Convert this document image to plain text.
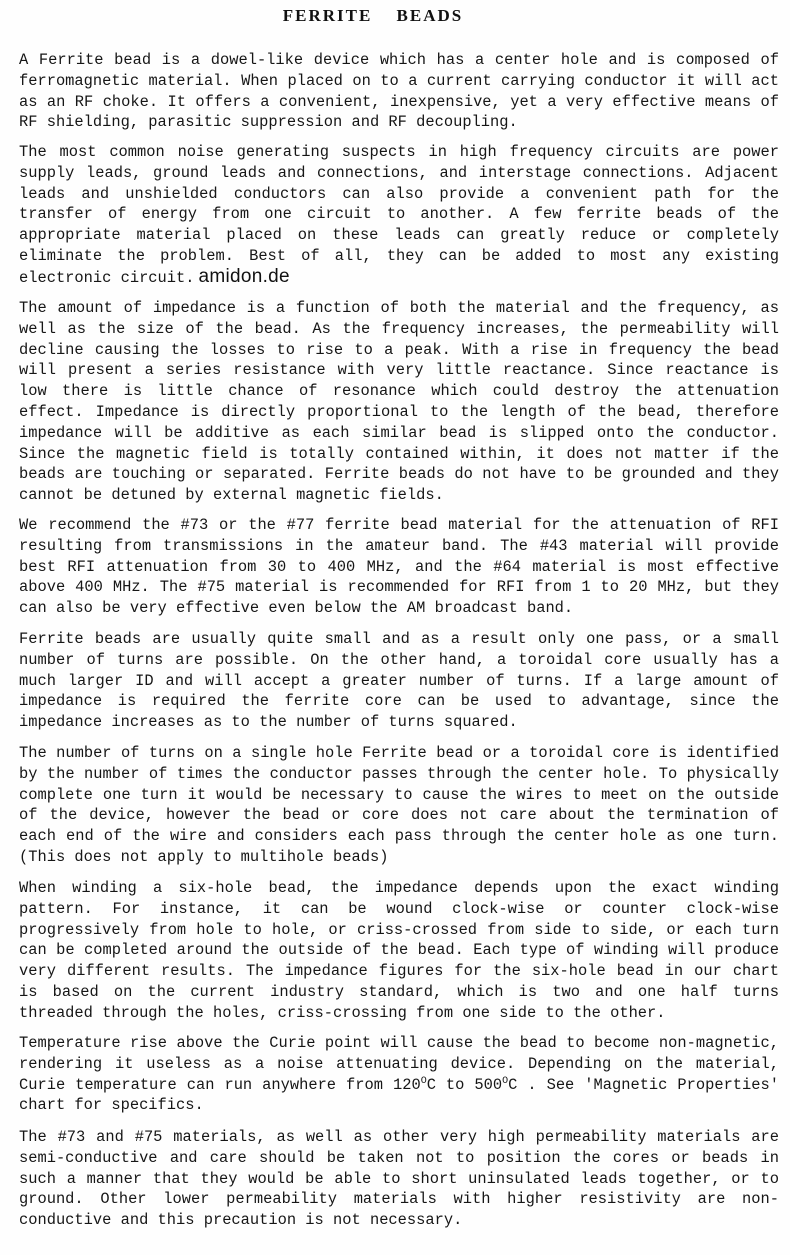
FERRITE BEADS

A Ferrite bead is a dowel-like device which has a center hole and is composed of ferromagnetic material. When placed on to a current carrying conductor it will act as an RF choke. It offers a convenient, inexpensive, yet a very effective means of RF shielding, parasitic suppression and RF decoupling.

The most common noise generating suspects in high frequency circuits are power supply leads, ground leads and connections, and interstage connections. Adjacent leads and unshielded conductors can also provide a convenient path for the transfer of energy from one circuit to another. A few ferrite beads of the appropriate material placed on these leads can greatly reduce or completely eliminate the problem. Best of all, they can be added to most any existing electronic circuit. amidon.de

The amount of impedance is a function of both the material and the frequency, as well as the size of the bead. As the frequency increases, the permeability will decline causing the losses to rise to a peak. With a rise in frequency the bead will present a series resistance with very little reactance. Since reactance is low there is little chance of resonance which could destroy the attenuation effect. Impedance is directly proportional to the length of the bead, therefore impedance will be additive as each similar bead is slipped onto the conductor. Since the magnetic field is totally contained within, it does not matter if the beads are touching or separated. Ferrite beads do not have to be grounded and they cannot be detuned by external magnetic fields.

We recommend the #73 or the #77 ferrite bead material for the attenuation of RFI resulting from transmissions in the amateur band. The #43 material will provide best RFI attenuation from 30 to 400 MHz, and the #64 material is most effective above 400 MHz. The #75 material is recommended for RFI from 1 to 20 MHz, but they can also be very effective even below the AM broadcast band.

Ferrite beads are usually quite small and as a result only one pass, or a small number of turns are possible. On the other hand, a toroidal core usually has a much larger ID and will accept a greater number of turns. If a large amount of impedance is required the ferrite core can be used to advantage, since the impedance increases as to the number of turns squared.

The number of turns on a single hole Ferrite bead or a toroidal core is identified by the number of times the conductor passes through the center hole. To physically complete one turn it would be necessary to cause the wires to meet on the outside of the device, however the bead or core does not care about the termination of each end of the wire and considers each pass through the center hole as one turn. (This does not apply to multihole beads)

When winding a six-hole bead, the impedance depends upon the exact winding pattern. For instance, it can be wound clock-wise or counter clock-wise progressively from hole to hole, or criss-crossed from side to side, or each turn can be completed around the outside of the bead. Each type of winding will produce very different results. The impedance figures for the six-hole bead in our chart is based on the current industry standard, which is two and one half turns threaded through the holes, criss-crossing from one side to the other.

Temperature rise above the Curie point will cause the bead to become non-magnetic, rendering it useless as a noise attenuating device. Depending on the material, Curie temperature can run anywhere from $120^OC$ to $500^OC$ . See 'Magnetic Properties' chart for specifics.

The #73 and #75 materials, as well as other very high permeability materials are semi-conductive and care should be taken not to position the cores or beads in such a manner that they would be able to short uninsulated leads together, or to ground. Other lower permeability materials with higher resistivity are non-conductive and this precaution is not necessary.
